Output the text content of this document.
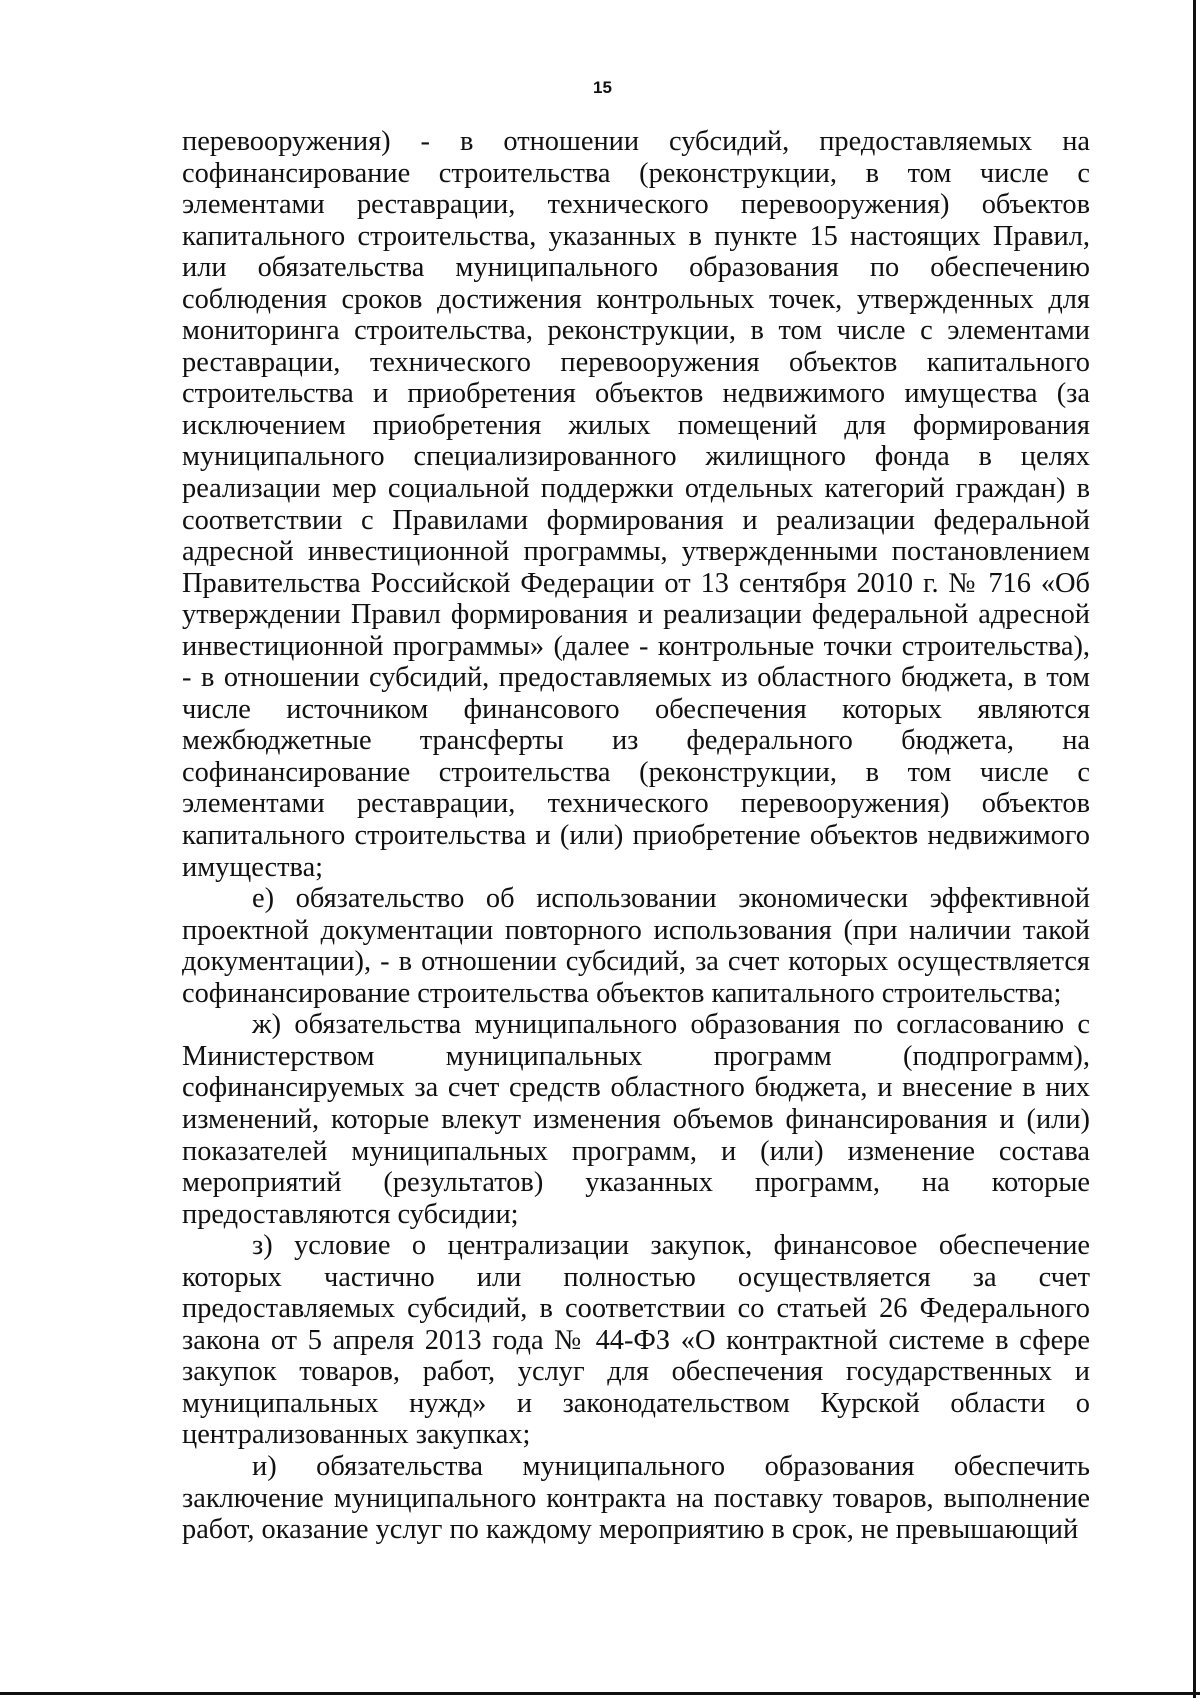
15

перевооружения) - в отношении субсидий, предоставляемых на софинансирование строительства (реконструкции, в том числе с элементами реставрации, технического перевооружения) объектов капитального строительства, указанных в пункте 15 настоящих Правил, или обязательства муниципального образования по обеспечению соблюдения сроков достижения контрольных точек, утвержденных для мониторинга строительства, реконструкции, в том числе с элементами реставрации, технического перевооружения объектов капитального строительства и приобретения объектов недвижимого имущества (за исключением приобретения жилых помещений для формирования муниципального специализированного жилищного фонда в целях реализации мер социальной поддержки отдельных категорий граждан) в соответствии с Правилами формирования и реализации федеральной адресной инвестиционной программы, утвержденными постановлением Правительства Российской Федерации от 13 сентября 2010 г. № 716 «Об утверждении Правил формирования и реализации федеральной адресной инвестиционной программы» (далее - контрольные точки строительства), - в отношении субсидий, предоставляемых из областного бюджета, в том числе источником финансового обеспечения которых являются межбюджетные трансферты из федерального бюджета, на софинансирование строительства (реконструкции, в том числе с элементами реставрации, технического перевооружения) объектов капитального строительства и (или) приобретение объектов недвижимого имущества;

е) обязательство об использовании экономически эффективной проектной документации повторного использования (при наличии такой документации), - в отношении субсидий, за счет которых осуществляется софинансирование строительства объектов капитального строительства;

ж) обязательства муниципального образования по согласованию с Министерством муниципальных программ (подпрограмм), софинансируемых за счет средств областного бюджета, и внесение в них изменений, которые влекут изменения объемов финансирования и (или) показателей муниципальных программ, и (или) изменение состава мероприятий (результатов) указанных программ, на которые предоставляются субсидии;

з) условие о централизации закупок, финансовое обеспечение которых частично или полностью осуществляется за счет предоставляемых субсидий, в соответствии со статьей 26 Федерального закона от 5 апреля 2013 года № 44-ФЗ «О контрактной системе в сфере закупок товаров, работ, услуг для обеспечения государственных и муниципальных нужд» и законодательством Курской области о централизованных закупках;

и) обязательства муниципального образования обеспечить заключение муниципального контракта на поставку товаров, выполнение работ, оказание услуг по каждому мероприятию в срок, не превышающий
